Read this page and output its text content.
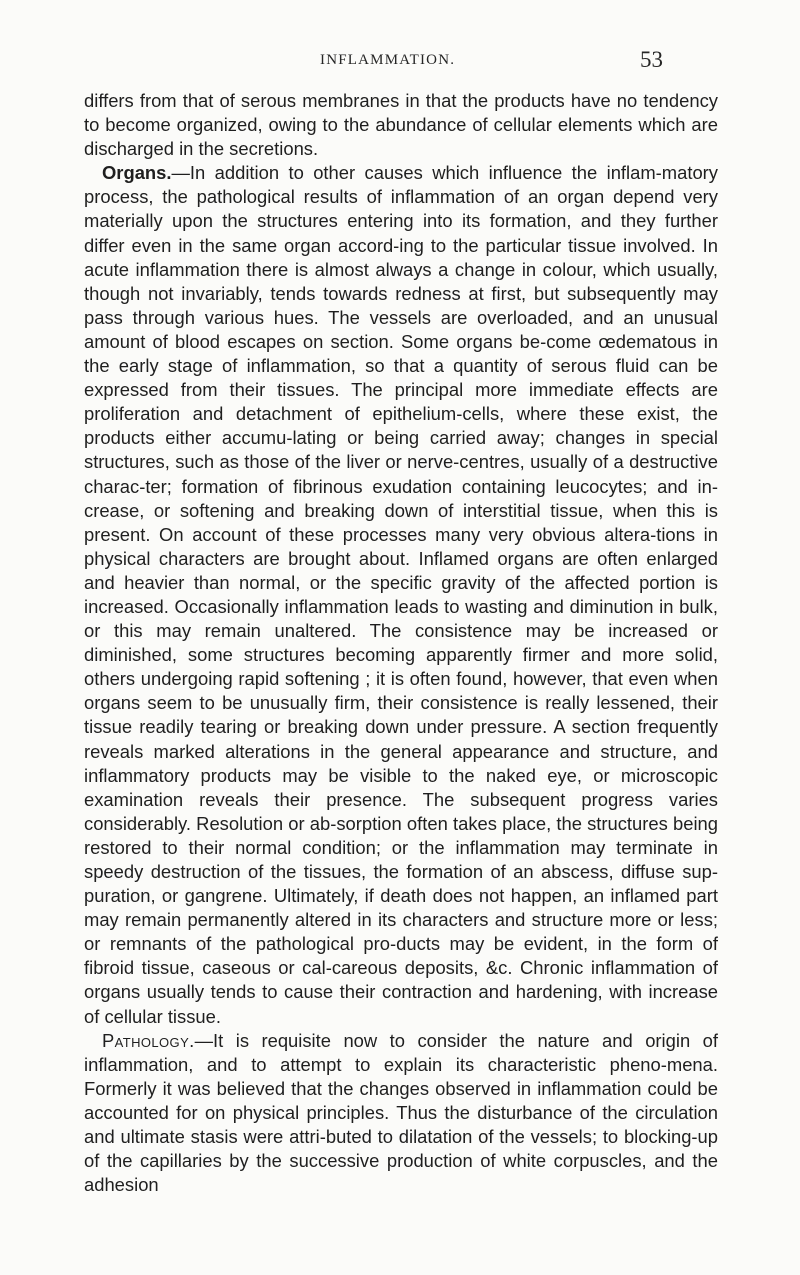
INFLAMMATION.	53

differs from that of serous membranes in that the products have no tendency to become organized, owing to the abundance of cellular elements which are discharged in the secretions.

Organs.—In addition to other causes which influence the inflam-matory process, the pathological results of inflammation of an organ depend very materially upon the structures entering into its formation, and they further differ even in the same organ accord-ing to the particular tissue involved. In acute inflammation there is almost always a change in colour, which usually, though not invariably, tends towards redness at first, but subsequently may pass through various hues. The vessels are overloaded, and an unusual amount of blood escapes on section. Some organs be-come œdematous in the early stage of inflammation, so that a quantity of serous fluid can be expressed from their tissues. The principal more immediate effects are proliferation and detachment of epithelium-cells, where these exist, the products either accumu-lating or being carried away; changes in special structures, such as those of the liver or nerve-centres, usually of a destructive charac-ter; formation of fibrinous exudation containing leucocytes; and in-crease, or softening and breaking down of interstitial tissue, when this is present. On account of these processes many very obvious altera-tions in physical characters are brought about. Inflamed organs are often enlarged and heavier than normal, or the specific gravity of the affected portion is increased. Occasionally inflammation leads to wasting and diminution in bulk, or this may remain unaltered. The consistence may be increased or diminished, some structures becoming apparently firmer and more solid, others undergoing rapid softening ; it is often found, however, that even when organs seem to be unusually firm, their consistence is really lessened, their tissue readily tearing or breaking down under pressure. A section frequently reveals marked alterations in the general appearance and structure, and inflammatory products may be visible to the naked eye, or microscopic examination reveals their presence. The subsequent progress varies considerably. Resolution or ab-sorption often takes place, the structures being restored to their normal condition; or the inflammation may terminate in speedy destruction of the tissues, the formation of an abscess, diffuse sup-puration, or gangrene. Ultimately, if death does not happen, an inflamed part may remain permanently altered in its characters and structure more or less; or remnants of the pathological pro-ducts may be evident, in the form of fibroid tissue, caseous or cal-careous deposits, &c. Chronic inflammation of organs usually tends to cause their contraction and hardening, with increase of cellular tissue.

Pathology.—It is requisite now to consider the nature and origin of inflammation, and to attempt to explain its characteristic pheno-mena. Formerly it was believed that the changes observed in inflammation could be accounted for on physical principles. Thus the disturbance of the circulation and ultimate stasis were attri-buted to dilatation of the vessels; to blocking-up of the capillaries by the successive production of white corpuscles, and the adhesion
